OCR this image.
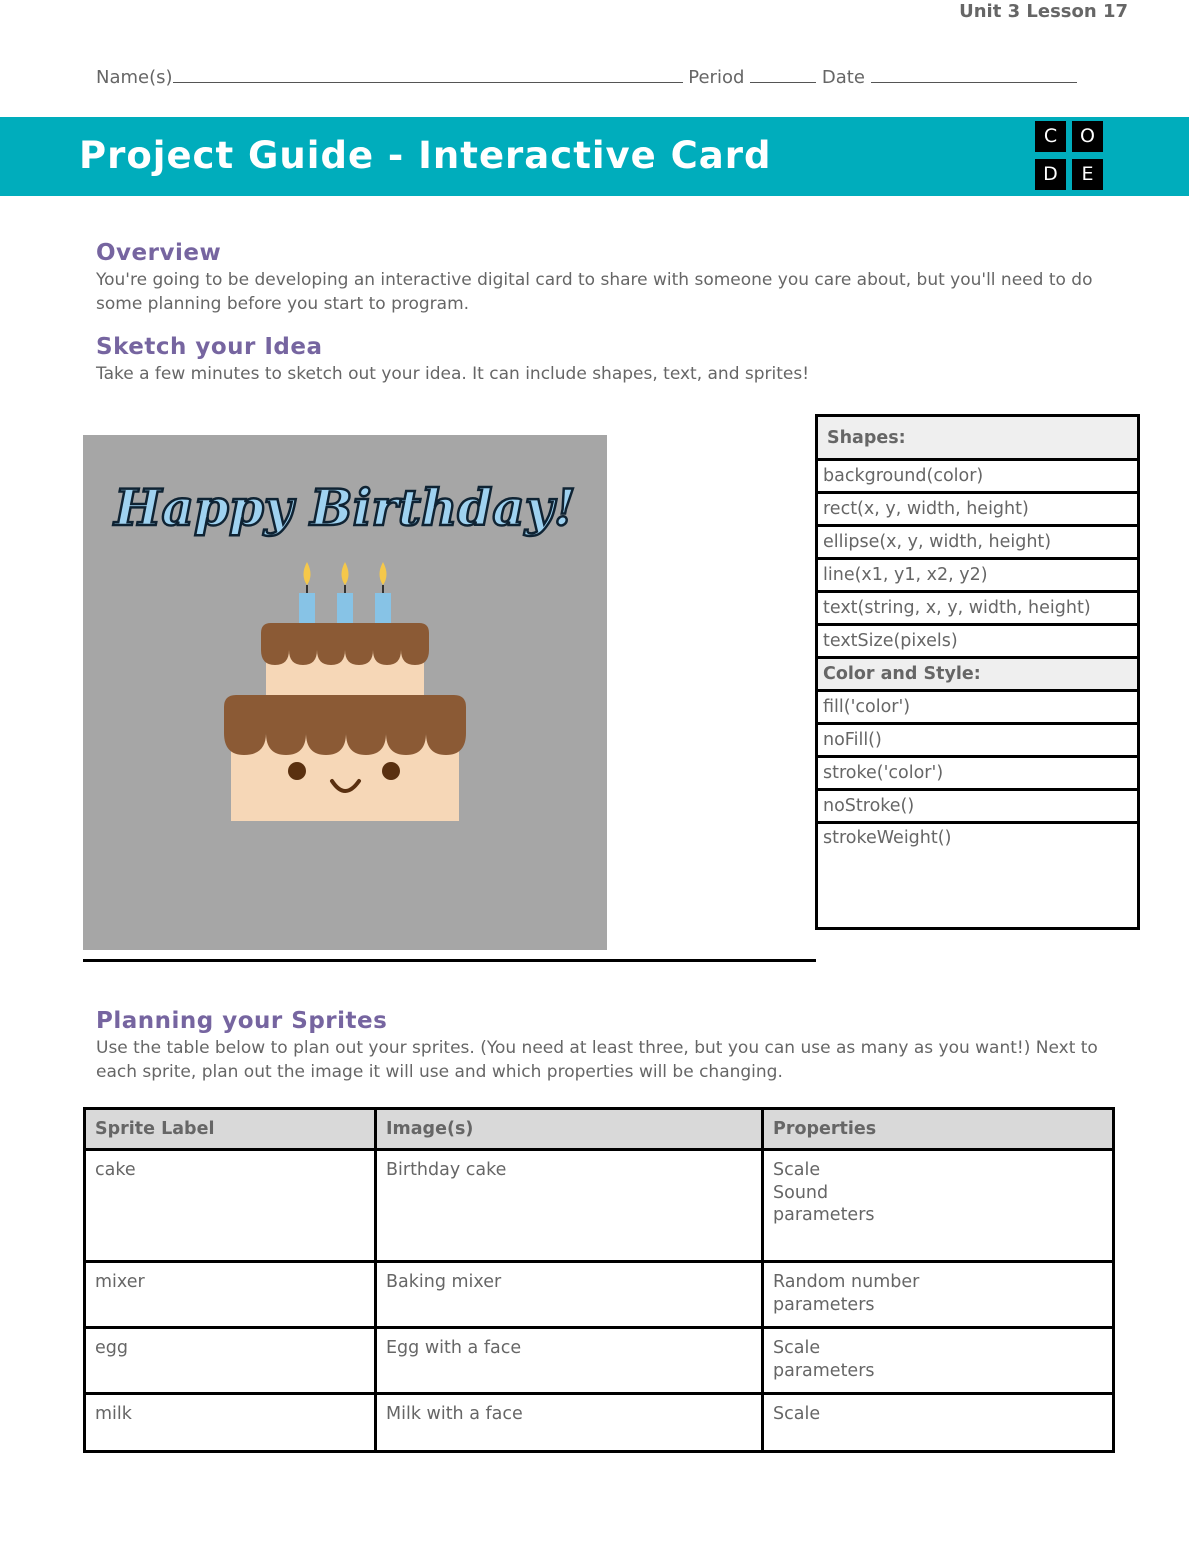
Unit 3 Lesson 17
Name(s)	Period	Date
Project Guide - Interactive Card	C	O
D	E
Overview
You're going to be developing an interactive digital card to share with someone you care about, but you'll need to do
some planning before you start to program.
Sketch your Idea
Take a few minutes to sketch out your idea. It can include shapes, text, and sprites!
Happy Birthday!
Shapes:
background(color)
rect(x, y, width, height)
ellipse(x, y, width, height)
line(x1, y1, x2, y2)
text(string, x, y, width, height)
textSize(pixels)
Color and Style:
fill('color')
noFill()
stroke('color')
noStroke()
strokeWeight()
Planning your Sprites
Use the table below to plan out your sprites. (You need at least three, but you can use as many as you want!) Next to
each sprite, plan out the image it will use and which properties will be changing.
Sprite Label	Image(s)	Properties
cake	Birthday cake	Scale
Sound
parameters

mixer	Baking mixer	Random number
parameters

egg	Egg with a face	Scale
parameters

milk	Milk with a face	Scale
